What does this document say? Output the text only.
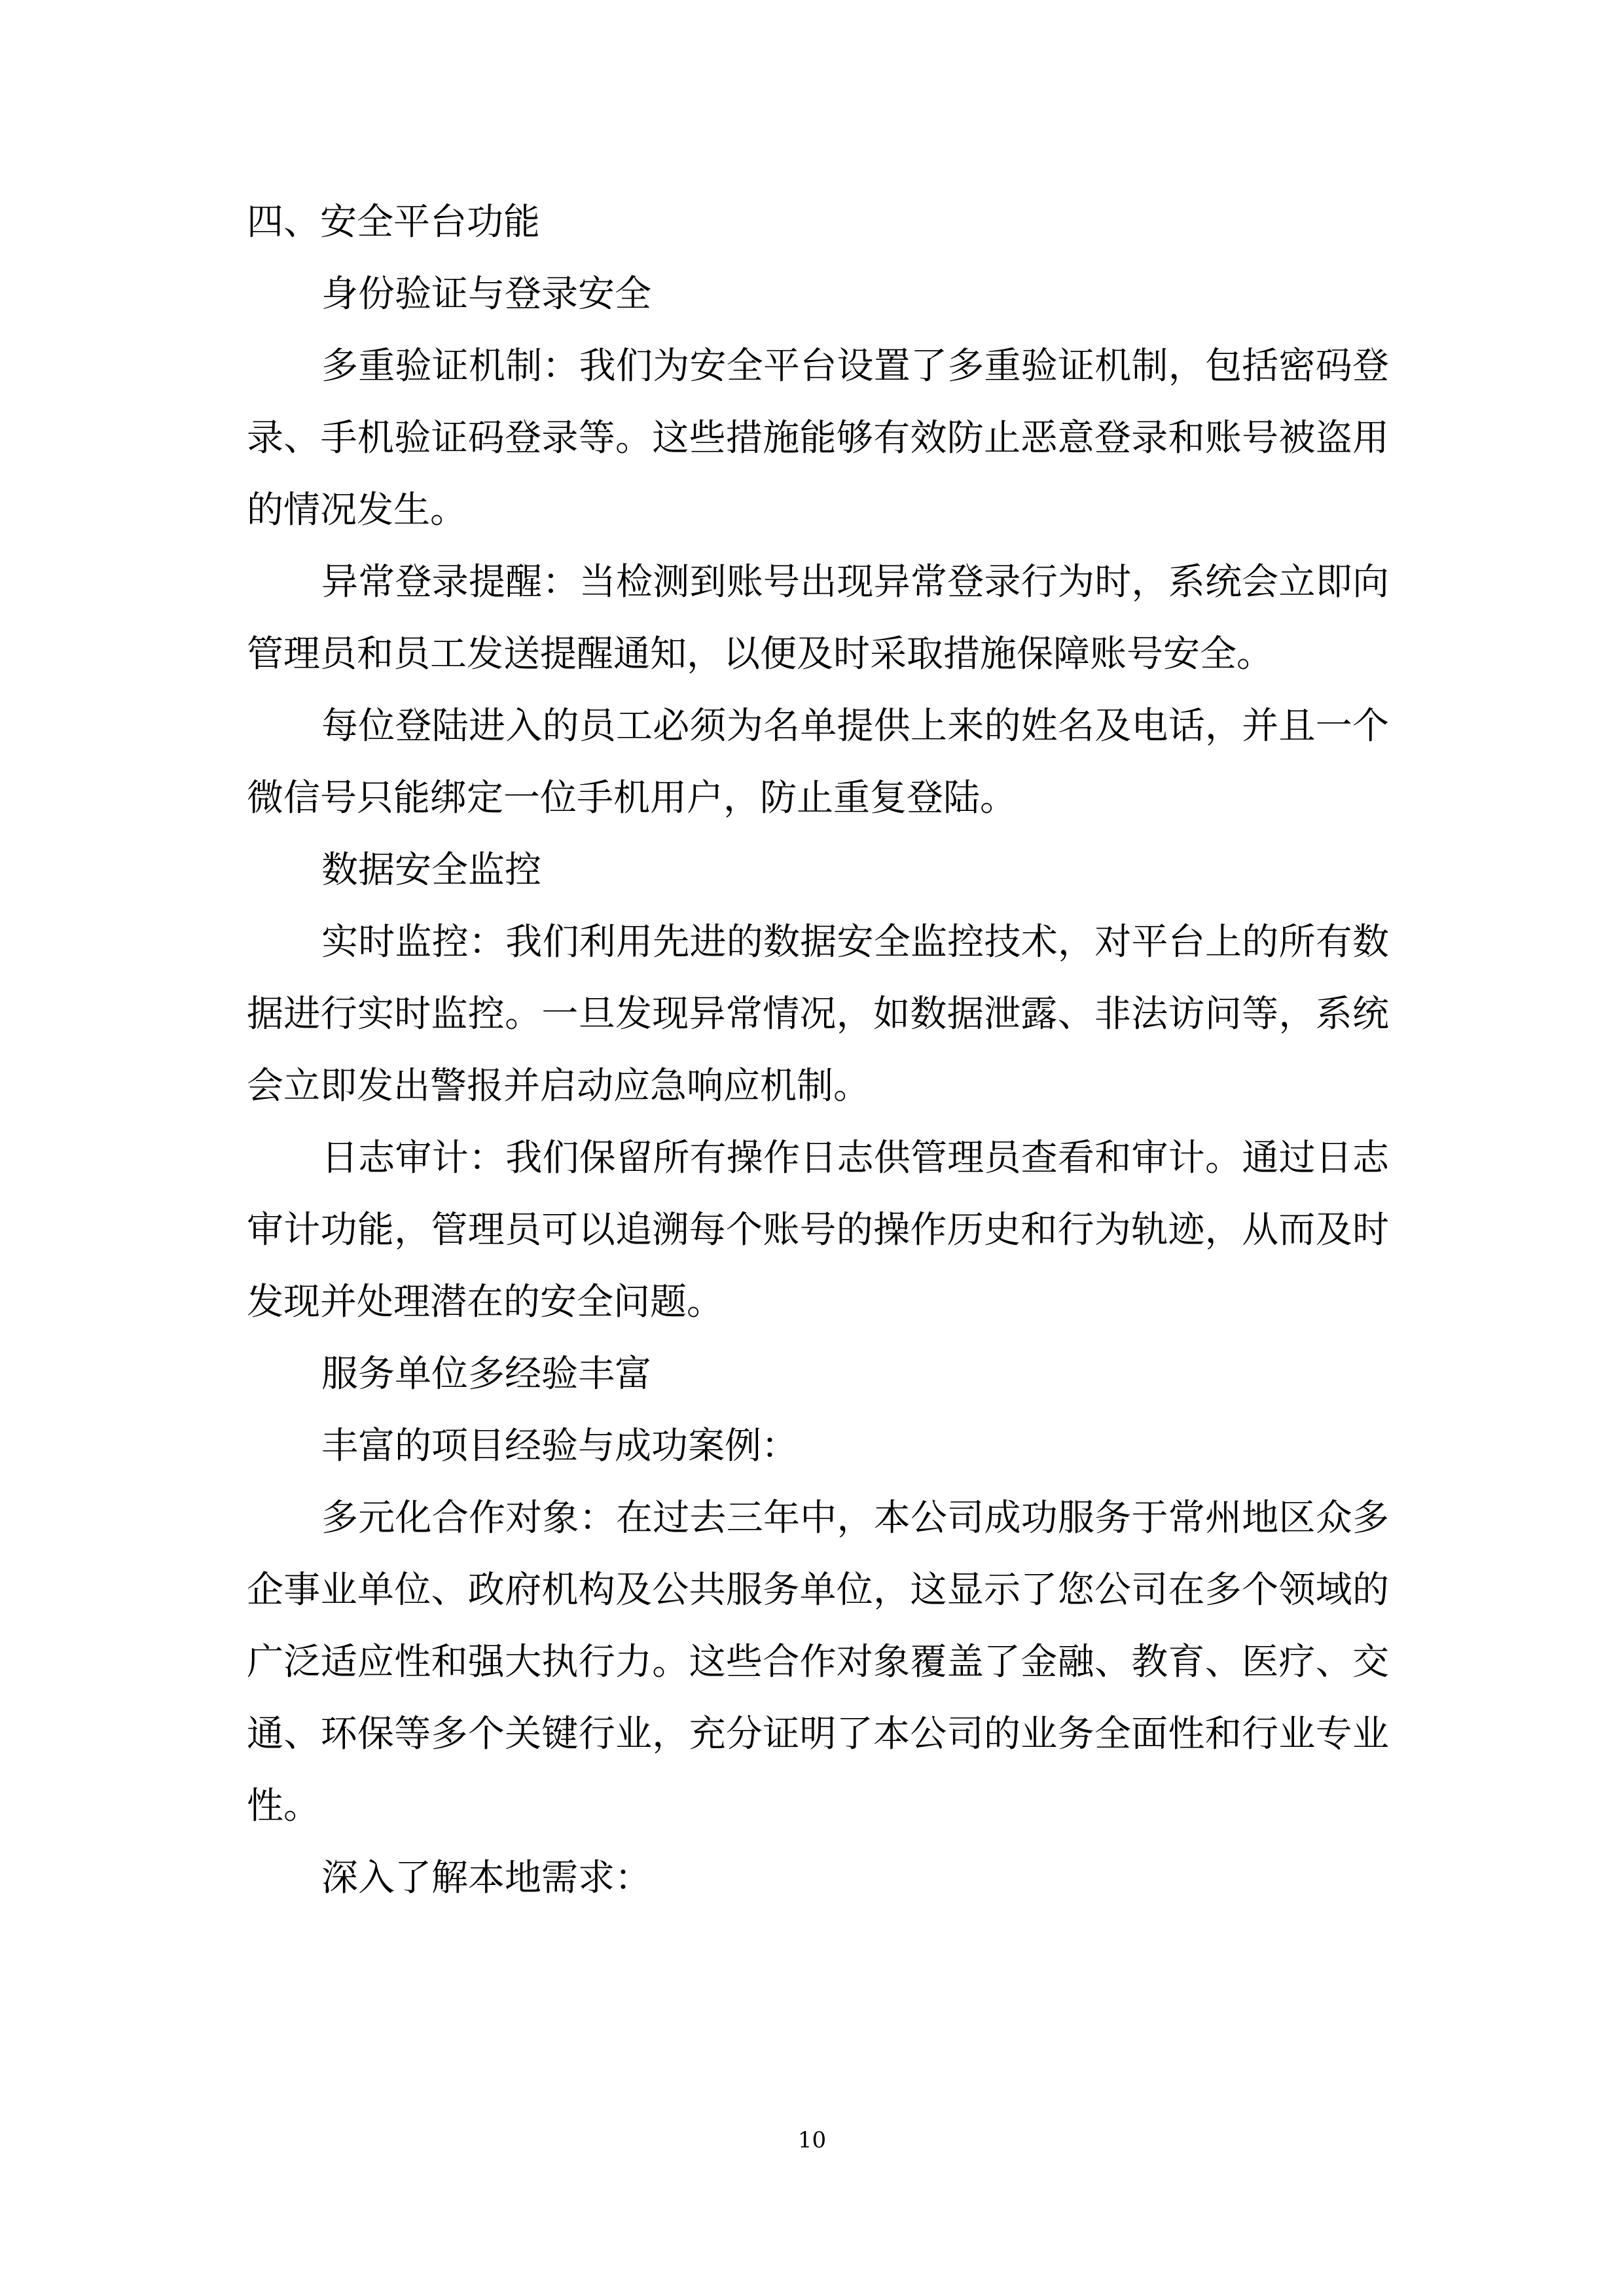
四、安全平台功能

身份验证与登录安全

多重验证机制：我们为安全平台设置了多重验证机制，包括密码登录、手机验证码登录等。这些措施能够有效防止恶意登录和账号被盗用的情况发生。

异常登录提醒：当检测到账号出现异常登录行为时，系统会立即向管理员和员工发送提醒通知，以便及时采取措施保障账号安全。

每位登陆进入的员工必须为名单提供上来的姓名及电话，并且一个微信号只能绑定一位手机用户，防止重复登陆。

数据安全监控

实时监控：我们利用先进的数据安全监控技术，对平台上的所有数据进行实时监控。一旦发现异常情况，如数据泄露、非法访问等，系统会立即发出警报并启动应急响应机制。

日志审计：我们保留所有操作日志供管理员查看和审计。通过日志审计功能，管理员可以追溯每个账号的操作历史和行为轨迹，从而及时发现并处理潜在的安全问题。

服务单位多经验丰富

丰富的项目经验与成功案例：

多元化合作对象：在过去三年中，本公司成功服务于常州地区众多企事业单位、政府机构及公共服务单位，这显示了您公司在多个领域的广泛适应性和强大执行力。这些合作对象覆盖了金融、教育、医疗、交通、环保等多个关键行业，充分证明了本公司的业务全面性和行业专业性。

深入了解本地需求：

10
